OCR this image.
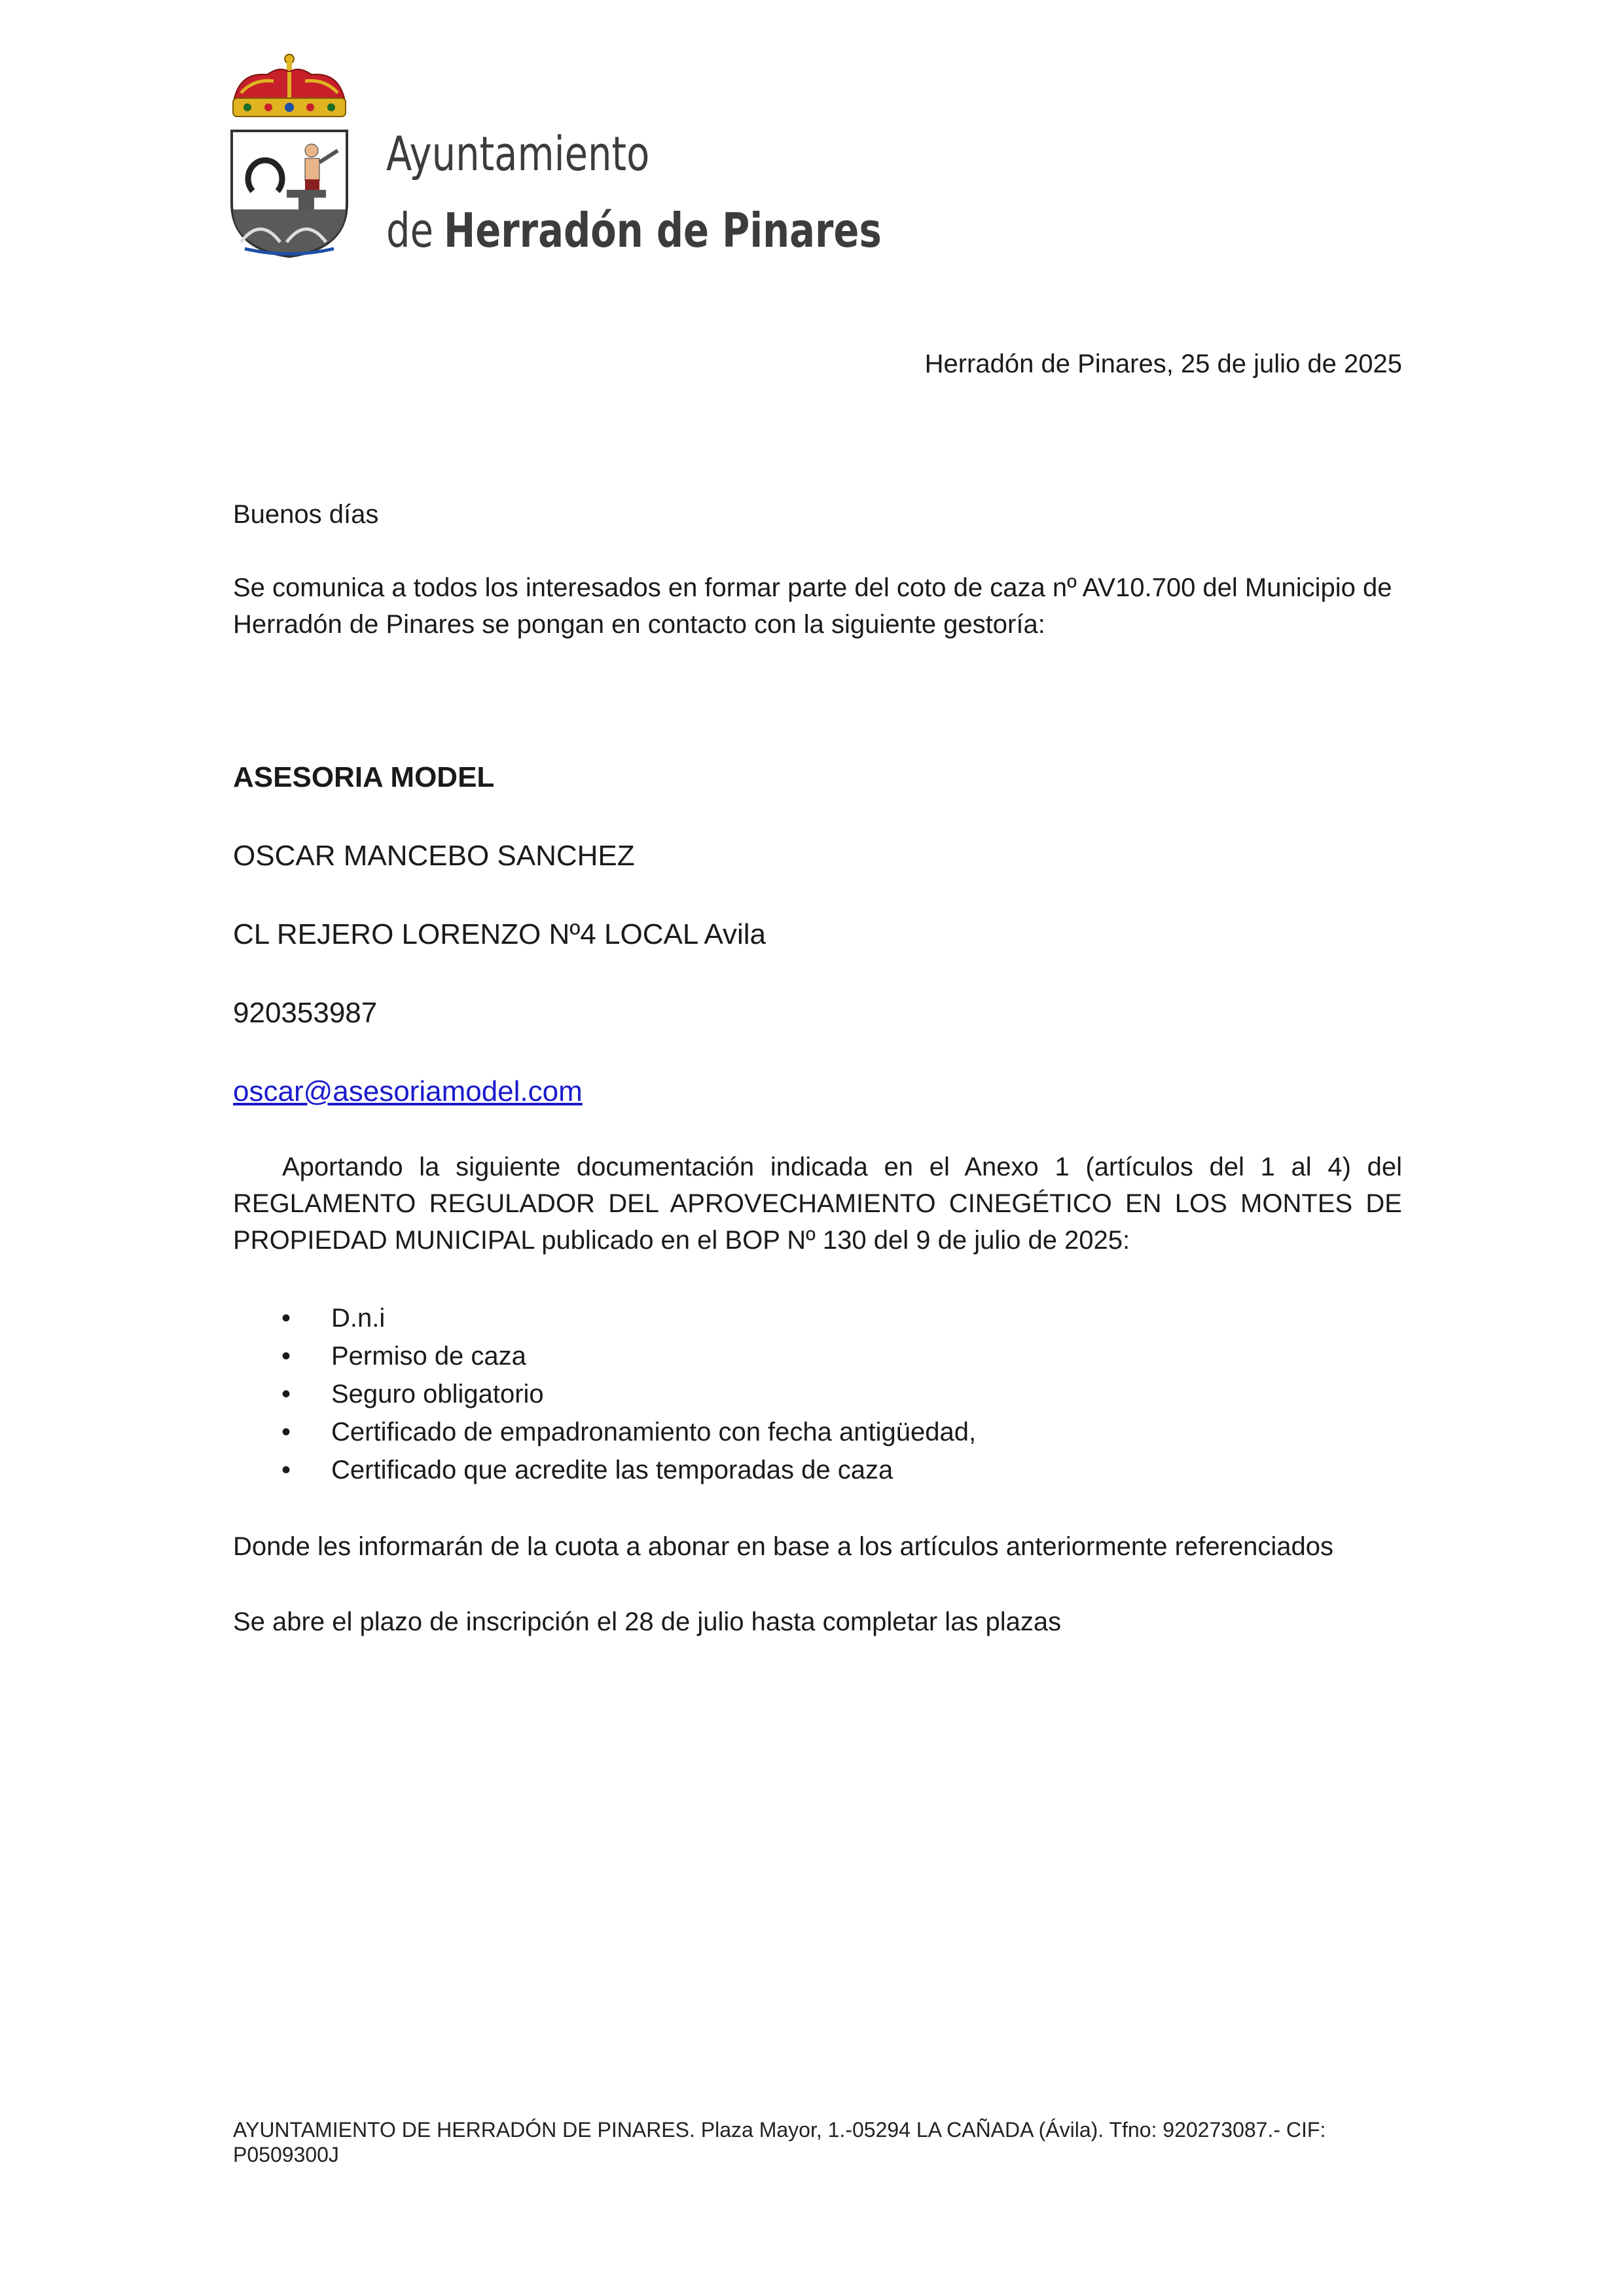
Ayuntamiento
de Herradón de Pinares
Herradón de Pinares, 25 de julio de 2025
Buenos días
Se comunica a todos los interesados en formar parte del coto de caza nº AV10.700 del Municipio de Herradón de Pinares se pongan en contacto con la siguiente gestoría:
ASESORIA MODEL
OSCAR MANCEBO SANCHEZ
CL REJERO LORENZO Nº4 LOCAL Avila
920353987
oscar@asesoriamodel.com
Aportando la siguiente documentación indicada en el Anexo 1 (artículos del 1 al 4) del REGLAMENTO REGULADOR DEL APROVECHAMIENTO CINEGÉTICO EN LOS MONTES DE PROPIEDAD MUNICIPAL publicado en el BOP Nº 130 del 9 de julio de 2025:
• D.n.i
• Permiso de caza
• Seguro obligatorio
• Certificado de empadronamiento con fecha antigüedad,
• Certificado que acredite las temporadas de caza
Donde les informarán de la cuota a abonar en base a los artículos anteriormente referenciados
Se abre el plazo de inscripción el 28 de julio hasta completar las plazas
AYUNTAMIENTO DE HERRADÓN DE PINARES. Plaza Mayor, 1.-05294 LA CAÑADA (Ávila). Tfno: 920273087.- CIF: P0509300J
